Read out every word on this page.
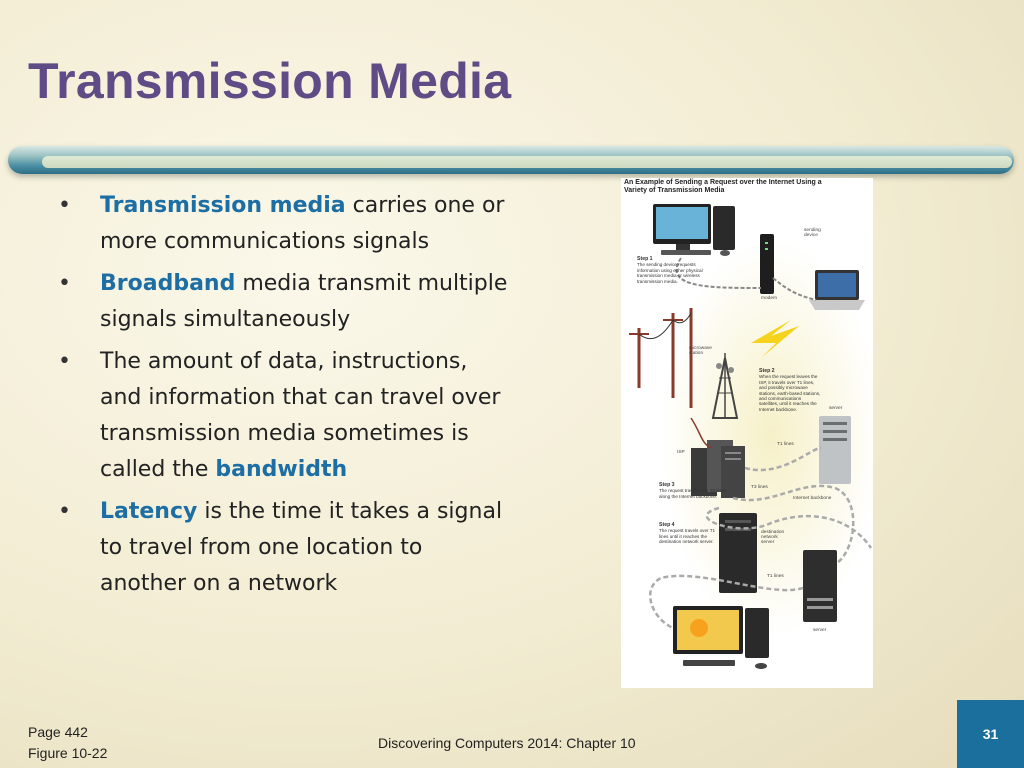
Transmission Media
• Transmission media carries one or more communications signals
• Broadband media transmit multiple signals simultaneously
• The amount of data, instructions, and information that can travel over transmission media sometimes is called the bandwidth
• Latency is the time it takes a signal to travel from one location to another on a network
An Example of Sending a Request over the Internet Using a Variety of Transmission Media
Step 1
The sending device requests information using either physical transmission media or wireless transmission media.
Step 2
When the request leaves the ISP, it travels over T1 lines, and possibly microwave stations, earth-based stations, and communications satellites, until it reaches the Internet backbone.
Step 3
The request travels over T3 lines along the Internet backbone.
Step 4
The request travels over T1 lines until it reaches the destination network server.
sending device
modem
microwave station
server
T1 lines
ISP
T3 lines
Internet backbone
destination network server
T1 lines
server
Page 442
Figure 10-22
Discovering Computers 2014: Chapter 10
31
